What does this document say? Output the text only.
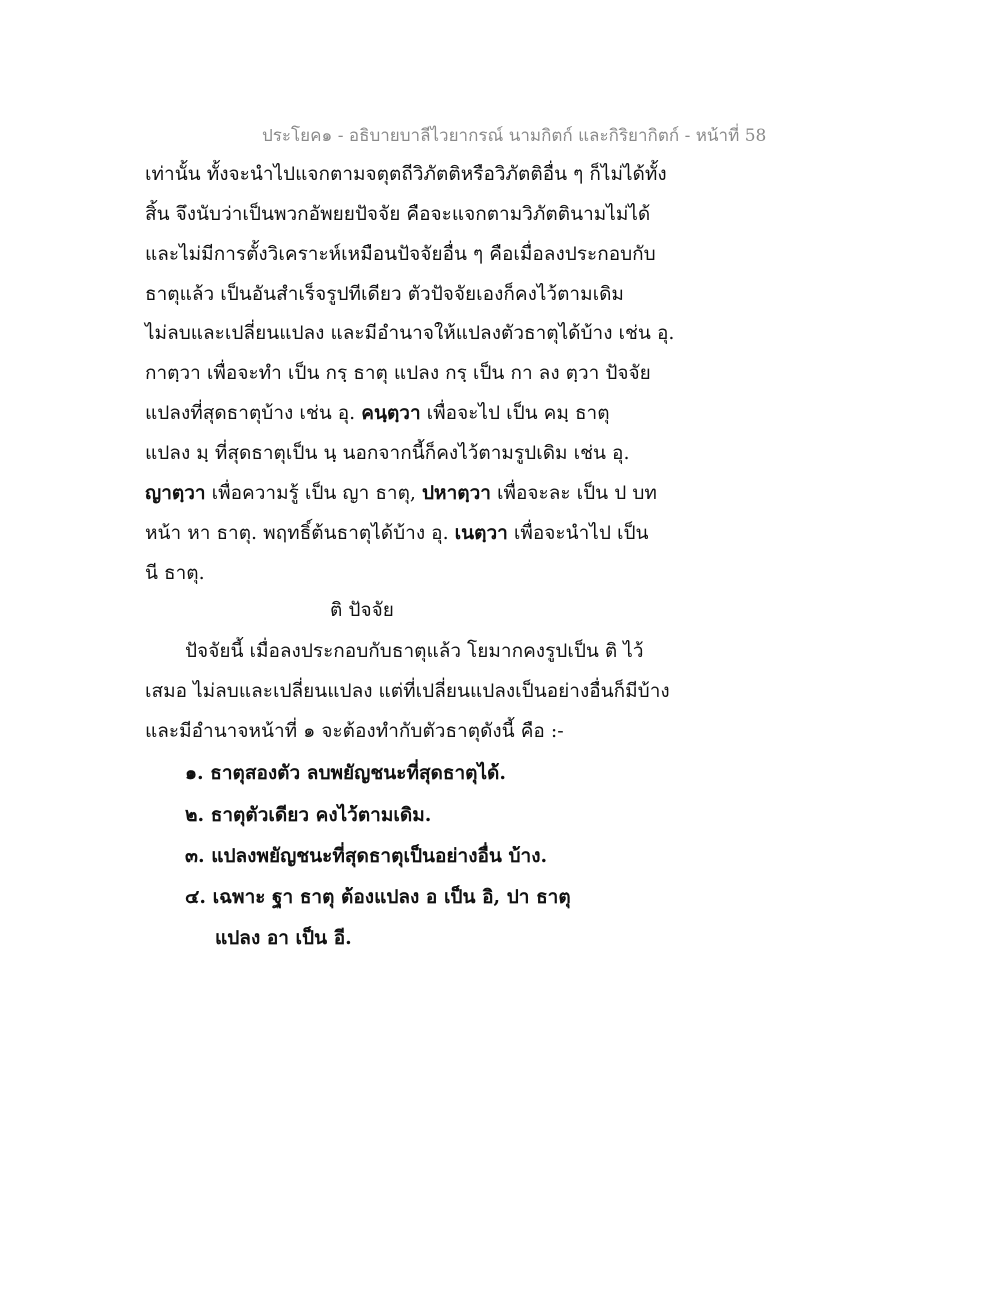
ประโยค๑ - อธิบายบาลีไวยากรณ์ นามกิตก์ และกิริยากิตก์ - หน้าที่ 58
เท่านั้น ทั้งจะนำไปแจกตามจตุตถีวิภัตติหรือวิภัตติอื่น ๆ ก็ไม่ได้ทั้ง
สิ้น จึงนับว่าเป็นพวกอัพยยปัจจัย คือจะแจกตามวิภัตตินามไม่ได้
และไม่มีการตั้งวิเคราะห์เหมือนปัจจัยอื่น ๆ คือเมื่อลงประกอบกับ
ธาตุแล้ว เป็นอันสำเร็จรูปทีเดียว ตัวปัจจัยเองก็คงไว้ตามเดิม
ไม่ลบและเปลี่ยนแปลง และมีอำนาจให้แปลงตัวธาตุได้บ้าง เช่น อุ.
กาตฺวา เพื่อจะทำ เป็น กรฺ ธาตุ แปลง กรฺ เป็น กา ลง ตฺวา ปัจจัย
แปลงที่สุดธาตุบ้าง เช่น อุ. คนฺตฺวา เพื่อจะไป เป็น คมฺ ธาตุ
แปลง มฺ ที่สุดธาตุเป็น นฺ นอกจากนี้ก็คงไว้ตามรูปเดิม เช่น อุ.
ญาตฺวา เพื่อความรู้ เป็น ญา ธาตุ, ปหาตฺวา เพื่อจะละ เป็น ป บท
หน้า หา ธาตุ. พฤทธิ์ต้นธาตุได้บ้าง อุ. เนตฺวา เพื่อจะนำไป เป็น
นี ธาตุ.
ติ ปัจจัย
ปัจจัยนี้ เมื่อลงประกอบกับธาตุแล้ว โยมากคงรูปเป็น ติ ไว้
เสมอ ไม่ลบและเปลี่ยนแปลง แต่ที่เปลี่ยนแปลงเป็นอย่างอื่นก็มีบ้าง
และมีอำนาจหน้าที่ ๑ จะต้องทำกับตัวธาตุดังนี้ คือ :-
๑. ธาตุสองตัว ลบพยัญชนะที่สุดธาตุได้.
๒. ธาตุตัวเดียว คงไว้ตามเดิม.
๓. แปลงพยัญชนะที่สุดธาตุเป็นอย่างอื่น บ้าง.
๔. เฉพาะ ฐา ธาตุ ต้องแปลง อ เป็น อิ, ปา ธาตุ
แปลง อา เป็น อี.
